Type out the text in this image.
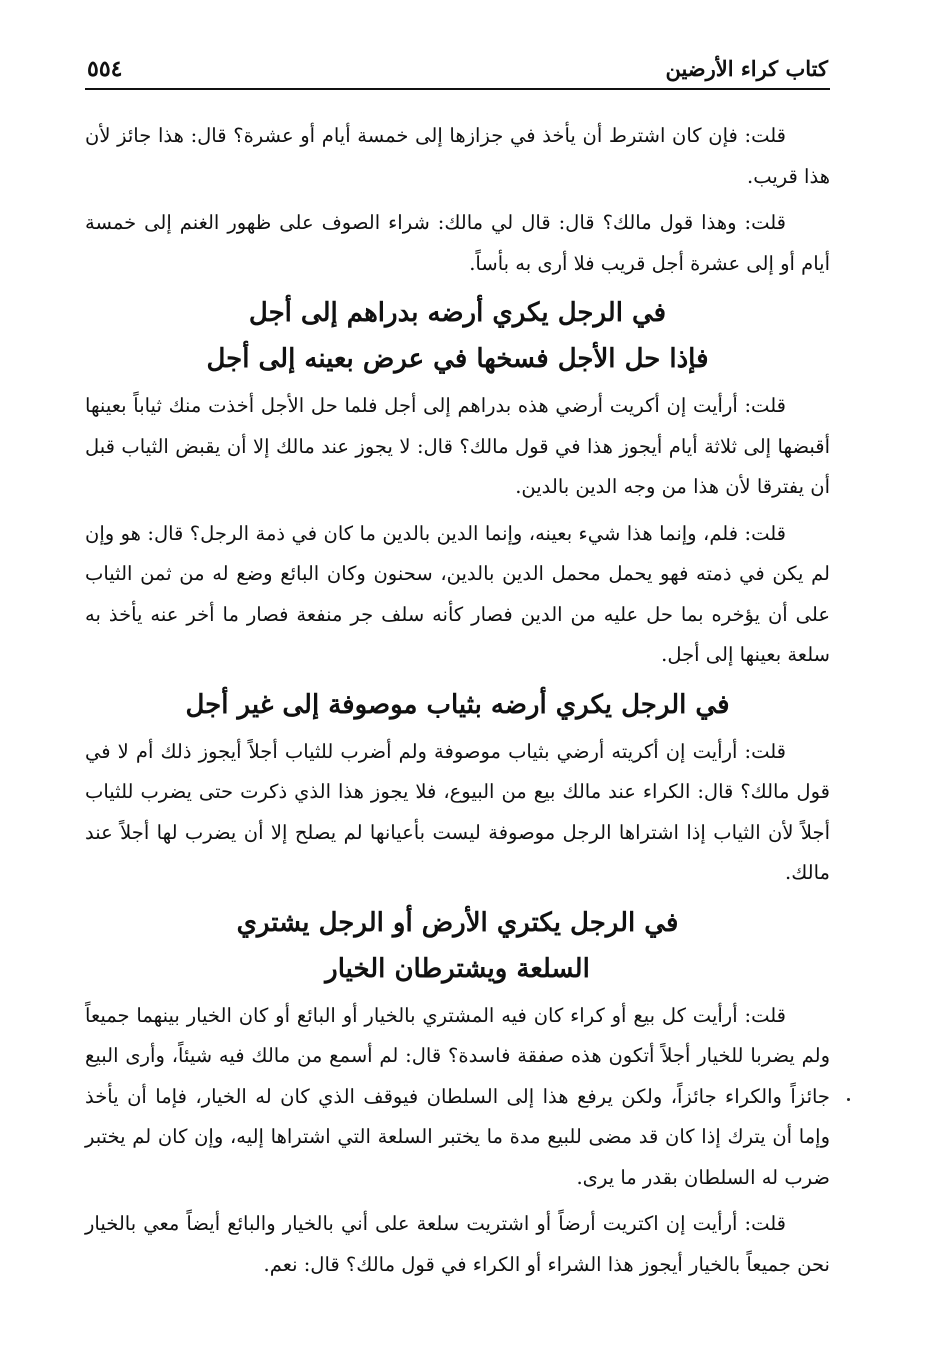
كتاب كراء الأرضين
٥٥٤

قلت: فإن كان اشترط أن يأخذ في جزازها إلى خمسة أيام أو عشرة؟ قال: هذا جائز لأن هذا قريب.

قلت: وهذا قول مالك؟ قال: قال لي مالك: شراء الصوف على ظهور الغنم إلى خمسة أيام أو إلى عشرة أجل قريب فلا أرى به بأساً.

في الرجل يكري أرضه بدراهم إلى أجل
فإذا حل الأجل فسخها في عرض بعينه إلى أجل

قلت: أرأيت إن أكريت أرضي هذه بدراهم إلى أجل فلما حل الأجل أخذت منك ثياباً بعينها أقبضها إلى ثلاثة أيام أيجوز هذا في قول مالك؟ قال: لا يجوز عند مالك إلا أن يقبض الثياب قبل أن يفترقا لأن هذا من وجه الدين بالدين.

قلت: فلم، وإنما هذا شيء بعينه، وإنما الدين بالدين ما كان في ذمة الرجل؟ قال: هو وإن لم يكن في ذمته فهو يحمل محمل الدين بالدين، سحنون وكان البائع وضع له من ثمن الثياب على أن يؤخره بما حل عليه من الدين فصار كأنه سلف جر منفعة فصار ما أخر عنه يأخذ به سلعة بعينها إلى أجل.

في الرجل يكري أرضه بثياب موصوفة إلى غير أجل

قلت: أرأيت إن أكريته أرضي بثياب موصوفة ولم أضرب للثياب أجلاً أيجوز ذلك أم لا في قول مالك؟ قال: الكراء عند مالك بيع من البيوع، فلا يجوز هذا الذي ذكرت حتى يضرب للثياب أجلاً لأن الثياب إذا اشتراها الرجل موصوفة ليست بأعيانها لم يصلح إلا أن يضرب لها أجلاً عند مالك.

في الرجل يكتري الأرض أو الرجل يشتري
السلعة ويشترطان الخيار

قلت: أرأيت كل بيع أو كراء كان فيه المشتري بالخيار أو البائع أو كان الخيار بينهما جميعاً ولم يضربا للخيار أجلاً أتكون هذه صفقة فاسدة؟ قال: لم أسمع من مالك فيه شيئاً، وأرى البيع جائزاً والكراء جائزاً، ولكن يرفع هذا إلى السلطان فيوقف الذي كان له الخيار، فإما أن يأخذ وإما أن يترك إذا كان قد مضى للبيع مدة ما يختبر السلعة التي اشتراها إليه، وإن كان لم يختبر ضرب له السلطان بقدر ما يرى.

قلت: أرأيت إن اكتريت أرضاً أو اشتريت سلعة على أني بالخيار والبائع أيضاً معي بالخيار نحن جميعاً بالخيار أيجوز هذا الشراء أو الكراء في قول مالك؟ قال: نعم.
